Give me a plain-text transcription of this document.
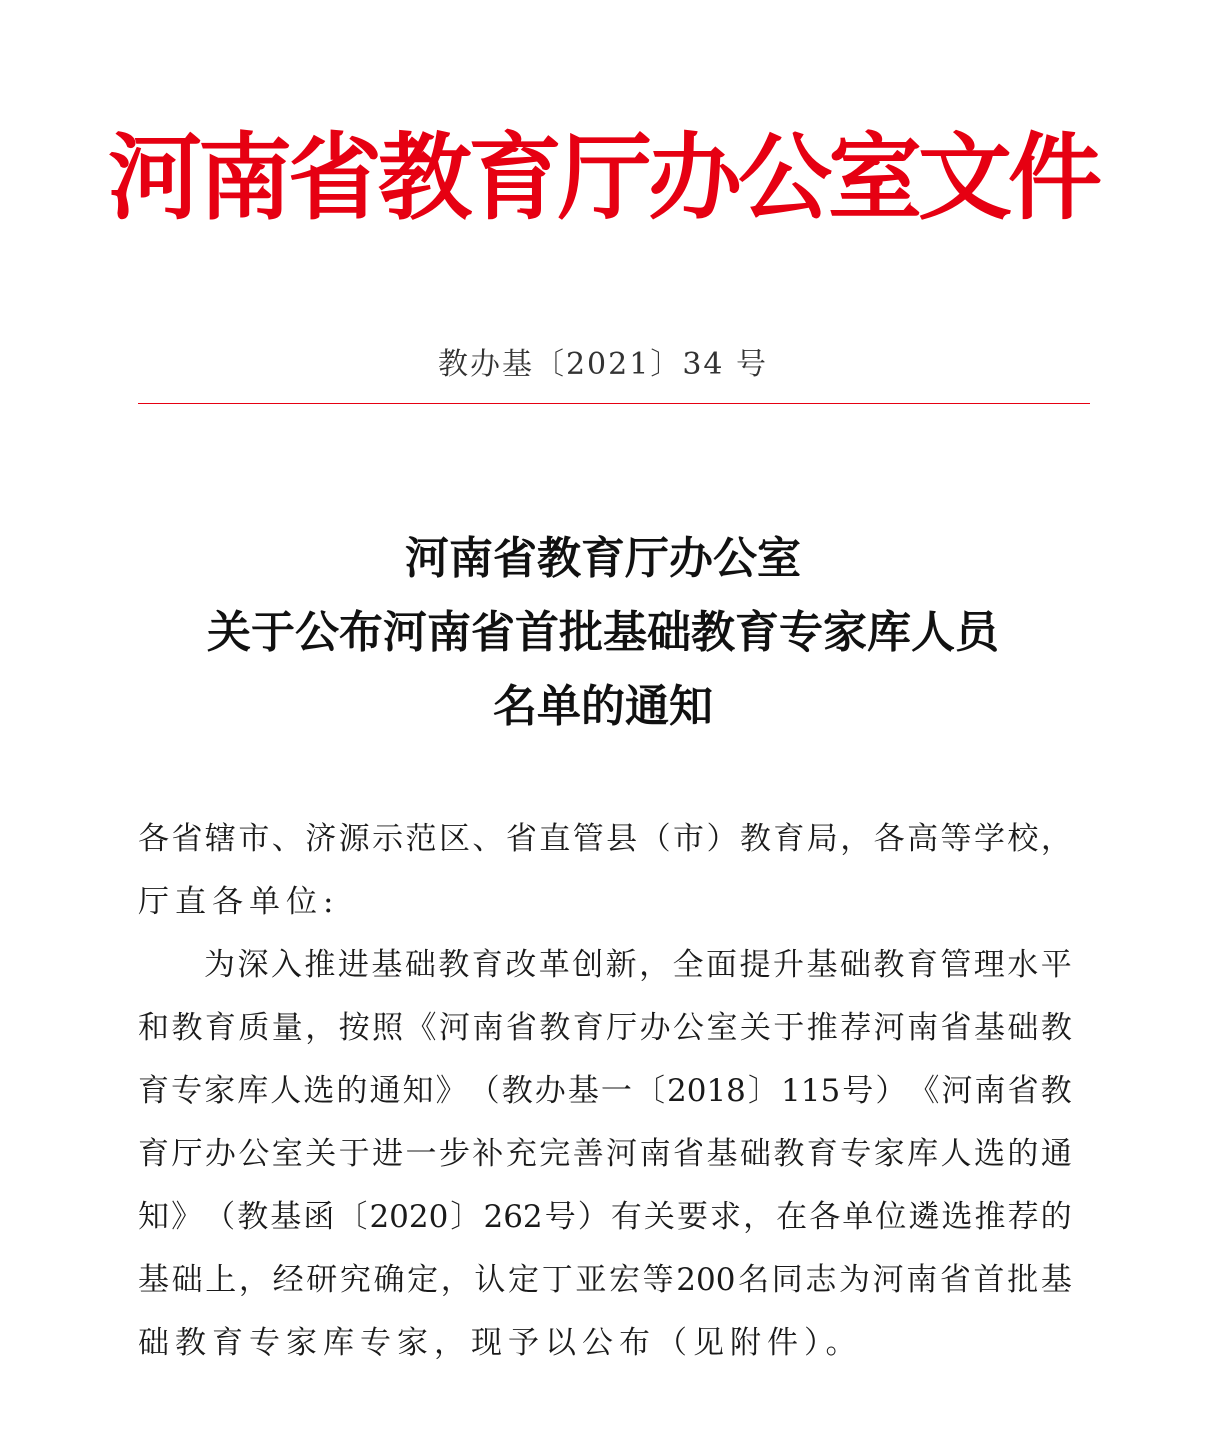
河南省教育厅办公室文件
教办基〔2021〕34 号
河南省教育厅办公室
关于公布河南省首批基础教育专家库人员
名单的通知
各 省 辖 市 、 济 源 示 范 区 、 省 直 管 县 （ 市 ） 教 育 局 ， 各 高 等 学 校 ，
厅直各单位:
为 深 入 推 进 基 础 教 育 改 革 创 新 ， 全 面 提 升 基 础 教 育 管 理 水 平
和 教 育 质 量 ， 按 照 《 河 南 省 教 育 厅 办 公 室 关 于 推 荐 河 南 省 基 础 教
育 专 家 库 人 选 的 通 知 》 （ 教 办 基 一 〔 2018 〕 115 号 ） 《 河 南 省 教
育 厅 办 公 室 关 于 进 一 步 补 充 完 善 河 南 省 基 础 教 育 专 家 库 人 选 的 通
知 》 （ 教 基 函 〔 2020 〕 262 号 ） 有 关 要 求 ， 在 各 单 位 遴 选 推 荐 的
基 础 上 ， 经 研 究 确 定 ， 认 定 丁 亚 宏 等 200 名 同 志 为 河 南 省 首 批 基
础教育专家库专家，现予以公布（见附件）。
